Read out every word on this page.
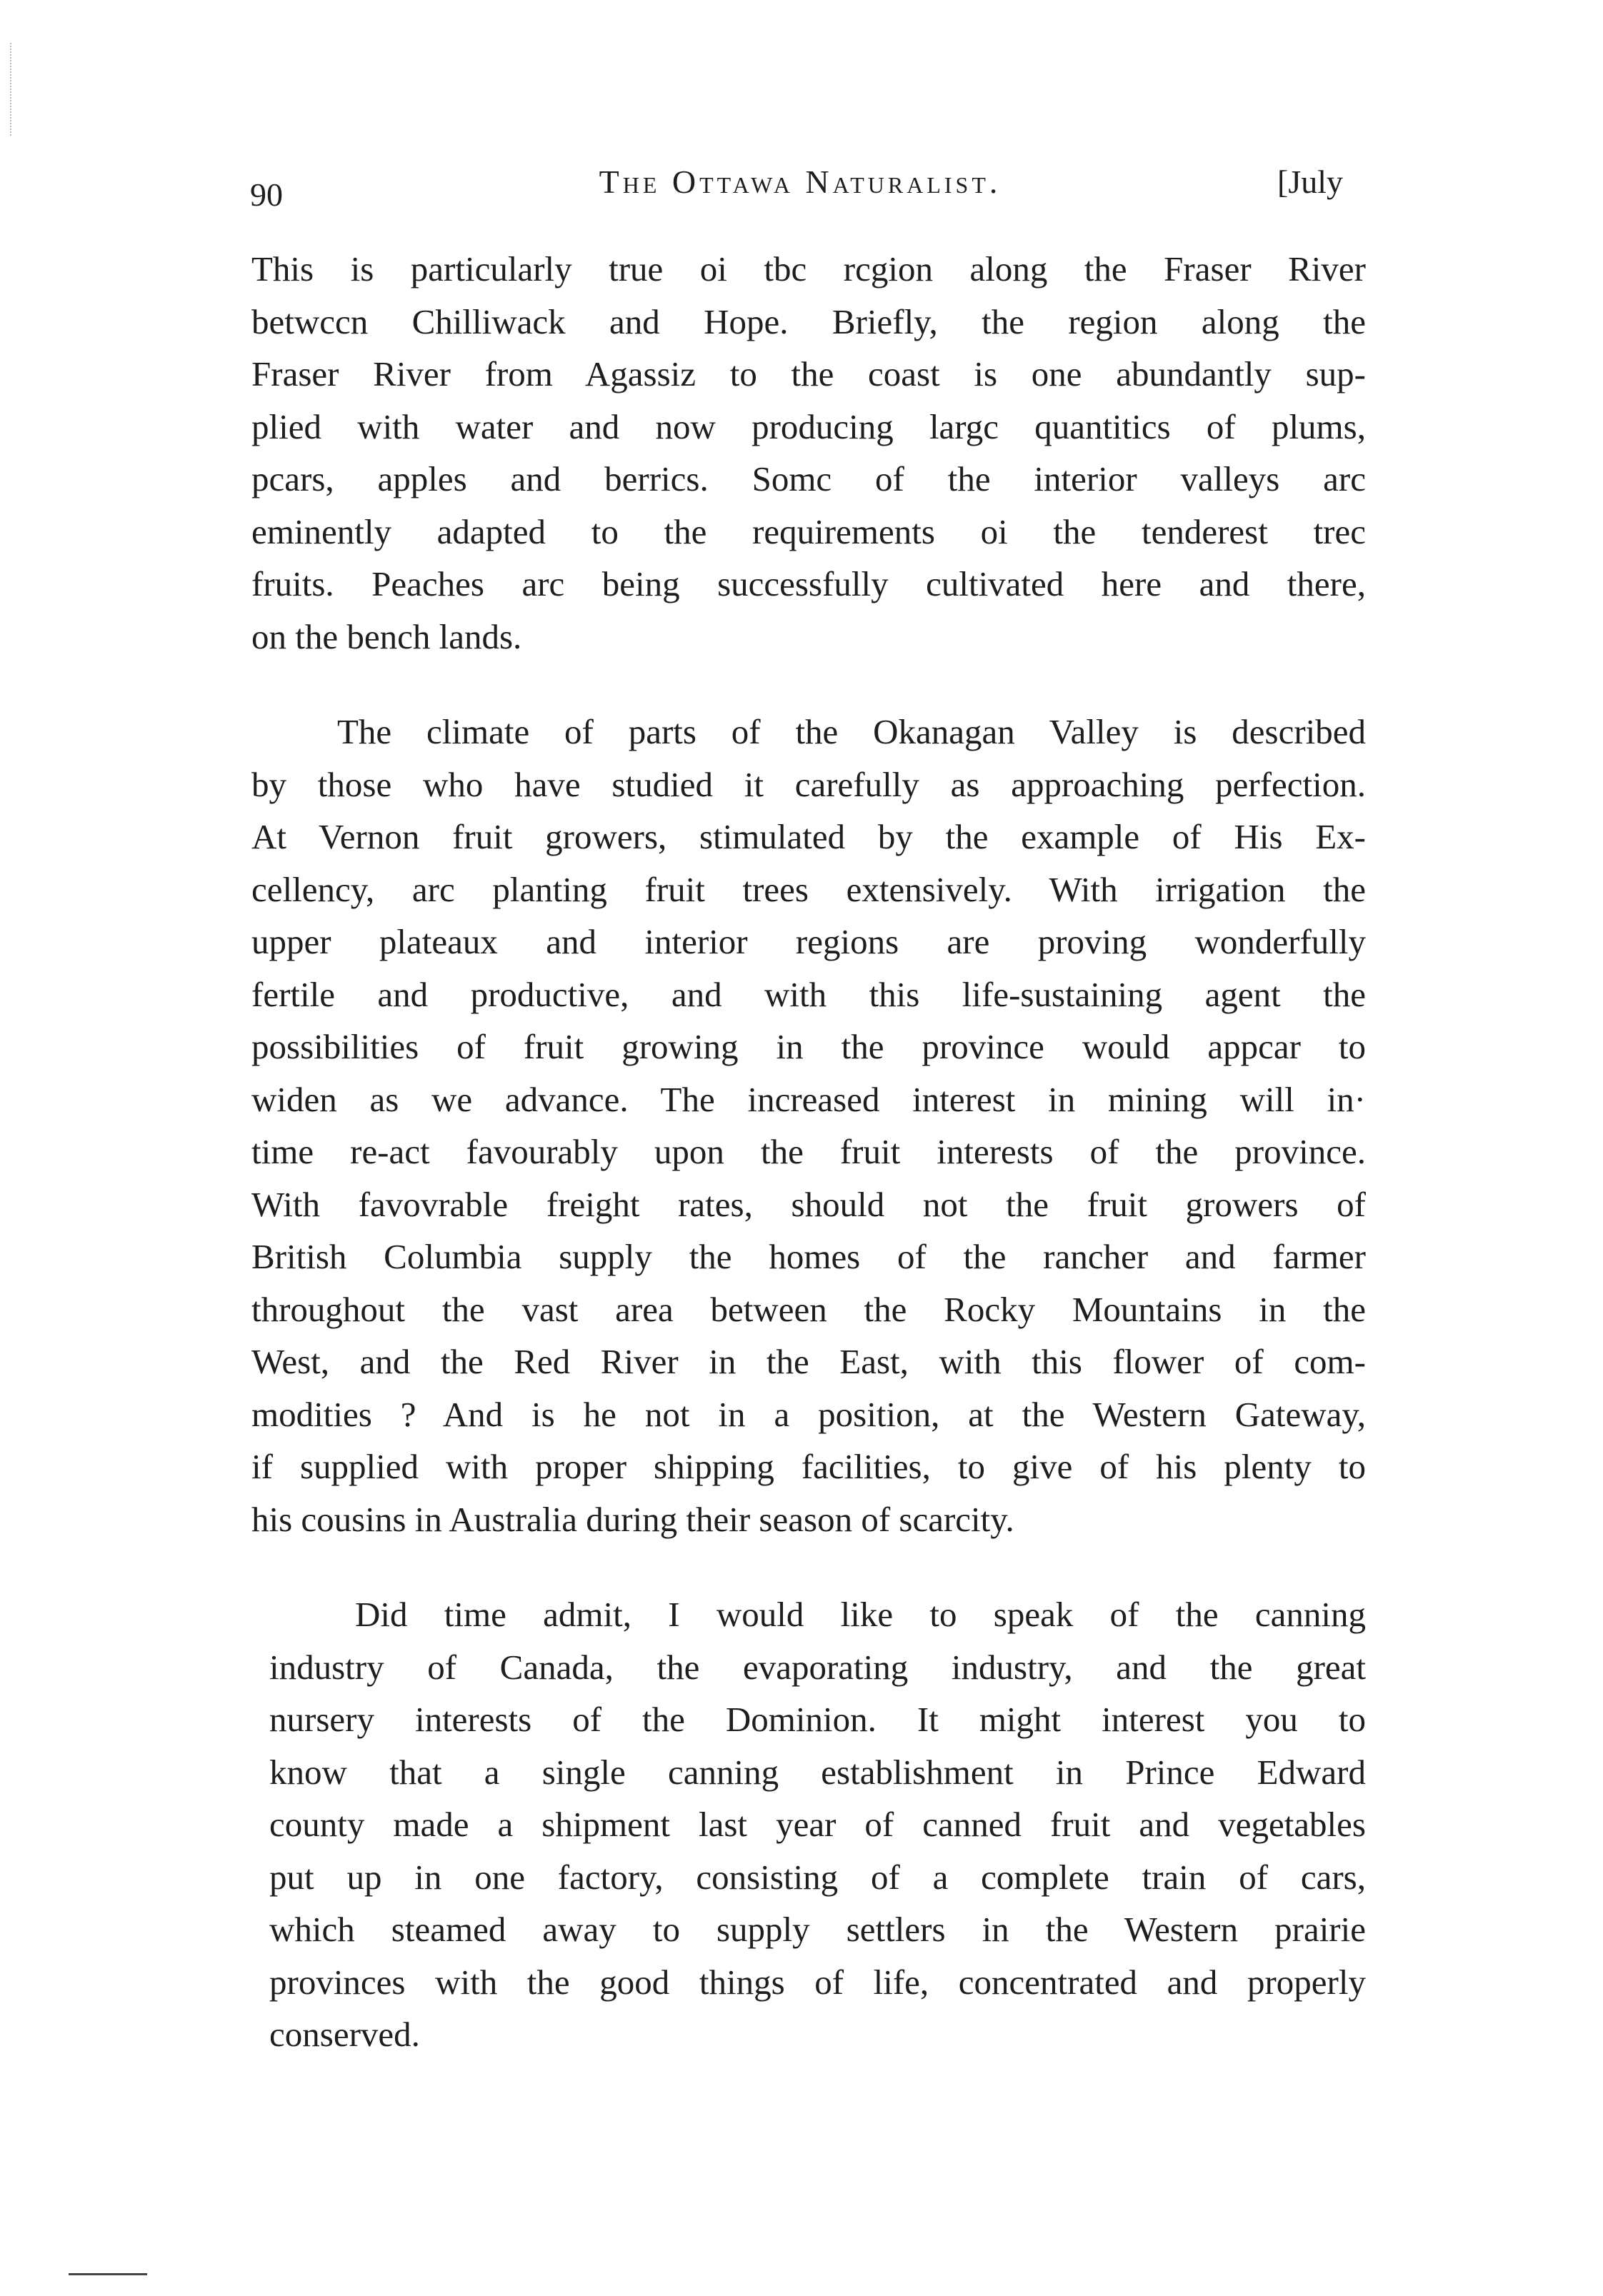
90	The Ottawa Naturalist.	[July
This is particularly true oi tbc rcgion along the Fraser River
betwccn Chilliwack and Hope. Briefly, the region along the
Fraser River from Agassiz to the coast is one abundantly sup-
plied with water and now producing largc quantitics of plums,
pcars, apples and berrics. Somc of the interior valleys arc
eminently adapted to the requirements oi the tenderest trec
fruits. Peaches arc being successfully cultivated here and there,
on the bench lands.
The climate of parts of the Okanagan Valley is described
by those who have studied it carefully as approaching perfection.
At Vernon fruit growers, stimulated by the example of His Ex-
cellency, arc planting fruit trees extensively. With irrigation the
upper plateaux and interior regions are proving wonderfully
fertile and productive, and with this life-sustaining agent the
possibilities of fruit growing in the province would appcar to
widen as we advance. The increased interest in mining will in·
time re-act favourably upon the fruit interests of the province.
With favovrable freight rates, should not the fruit growers of
British Columbia supply the homes of the rancher and farmer
throughout the vast area between the Rocky Mountains in the
West, and the Red River in the East, with this flower of com-
modities ? And is he not in a position, at the Western Gateway,
if supplied with proper shipping facilities, to give of his plenty to
his cousins in Australia during their season of scarcity.
Did time admit, I would like to speak of the canning
industry of Canada, the evaporating industry, and the great
nursery interests of the Dominion. It might interest you to
know that a single canning establishment in Prince Edward
county made a shipment last year of canned fruit and vegetables
put up in one factory, consisting of a complete train of cars,
which steamed away to supply settlers in the Western prairie
provinces with the good things of life, concentrated and properly
conserved.
